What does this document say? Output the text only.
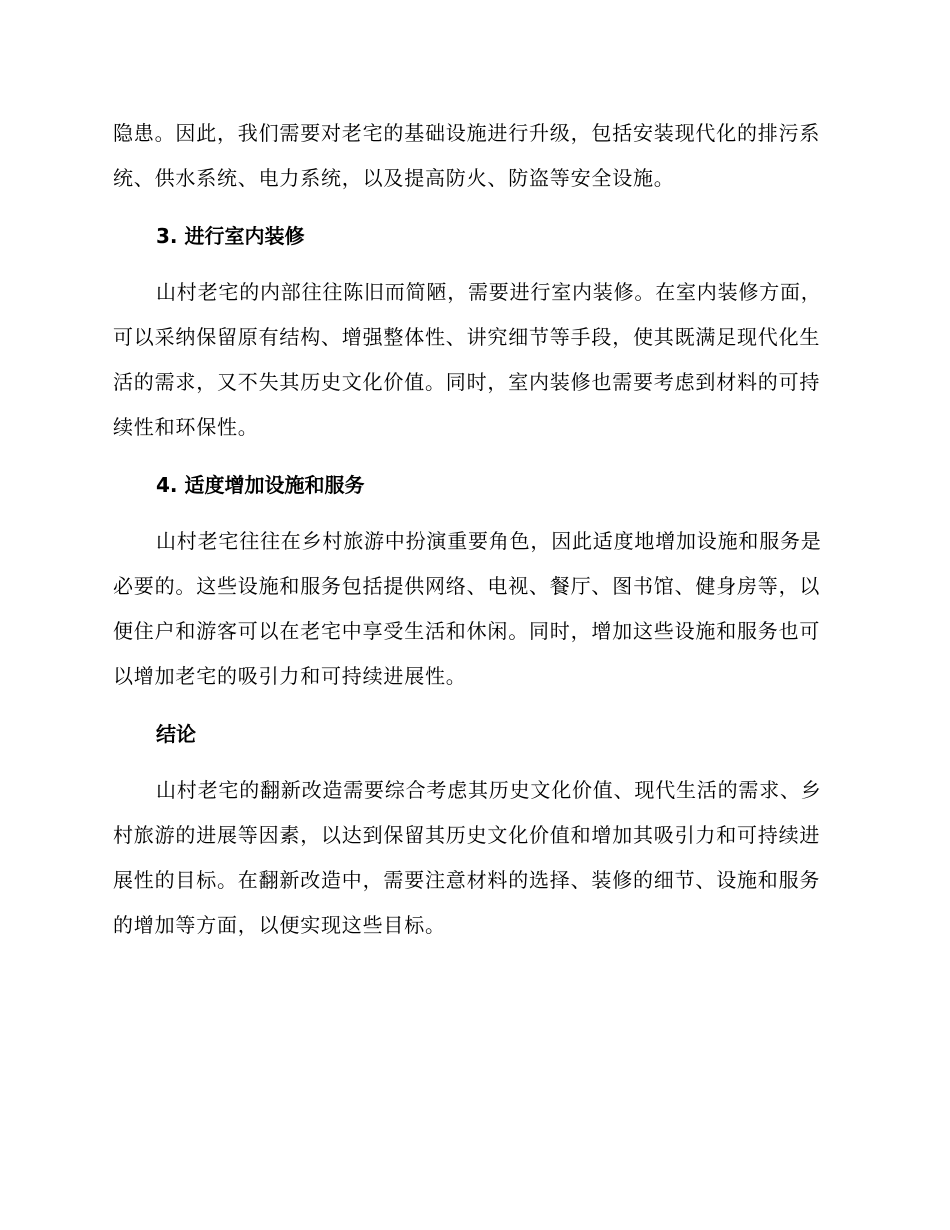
隐患。因此，我们需要对老宅的基础设施进行升级，包括安装现代化的排污系统、供水系统、电力系统，以及提高防火、防盗等安全设施。

3. 进行室内装修

山村老宅的内部往往陈旧而简陋，需要进行室内装修。在室内装修方面，可以采纳保留原有结构、增强整体性、讲究细节等手段，使其既满足现代化生活的需求，又不失其历史文化价值。同时，室内装修也需要考虑到材料的可持续性和环保性。

4. 适度增加设施和服务

山村老宅往往在乡村旅游中扮演重要角色，因此适度地增加设施和服务是必要的。这些设施和服务包括提供网络、电视、餐厅、图书馆、健身房等，以便住户和游客可以在老宅中享受生活和休闲。同时，增加这些设施和服务也可以增加老宅的吸引力和可持续进展性。

结论

山村老宅的翻新改造需要综合考虑其历史文化价值、现代生活的需求、乡村旅游的进展等因素，以达到保留其历史文化价值和增加其吸引力和可持续进展性的目标。在翻新改造中，需要注意材料的选择、装修的细节、设施和服务的增加等方面，以便实现这些目标。
